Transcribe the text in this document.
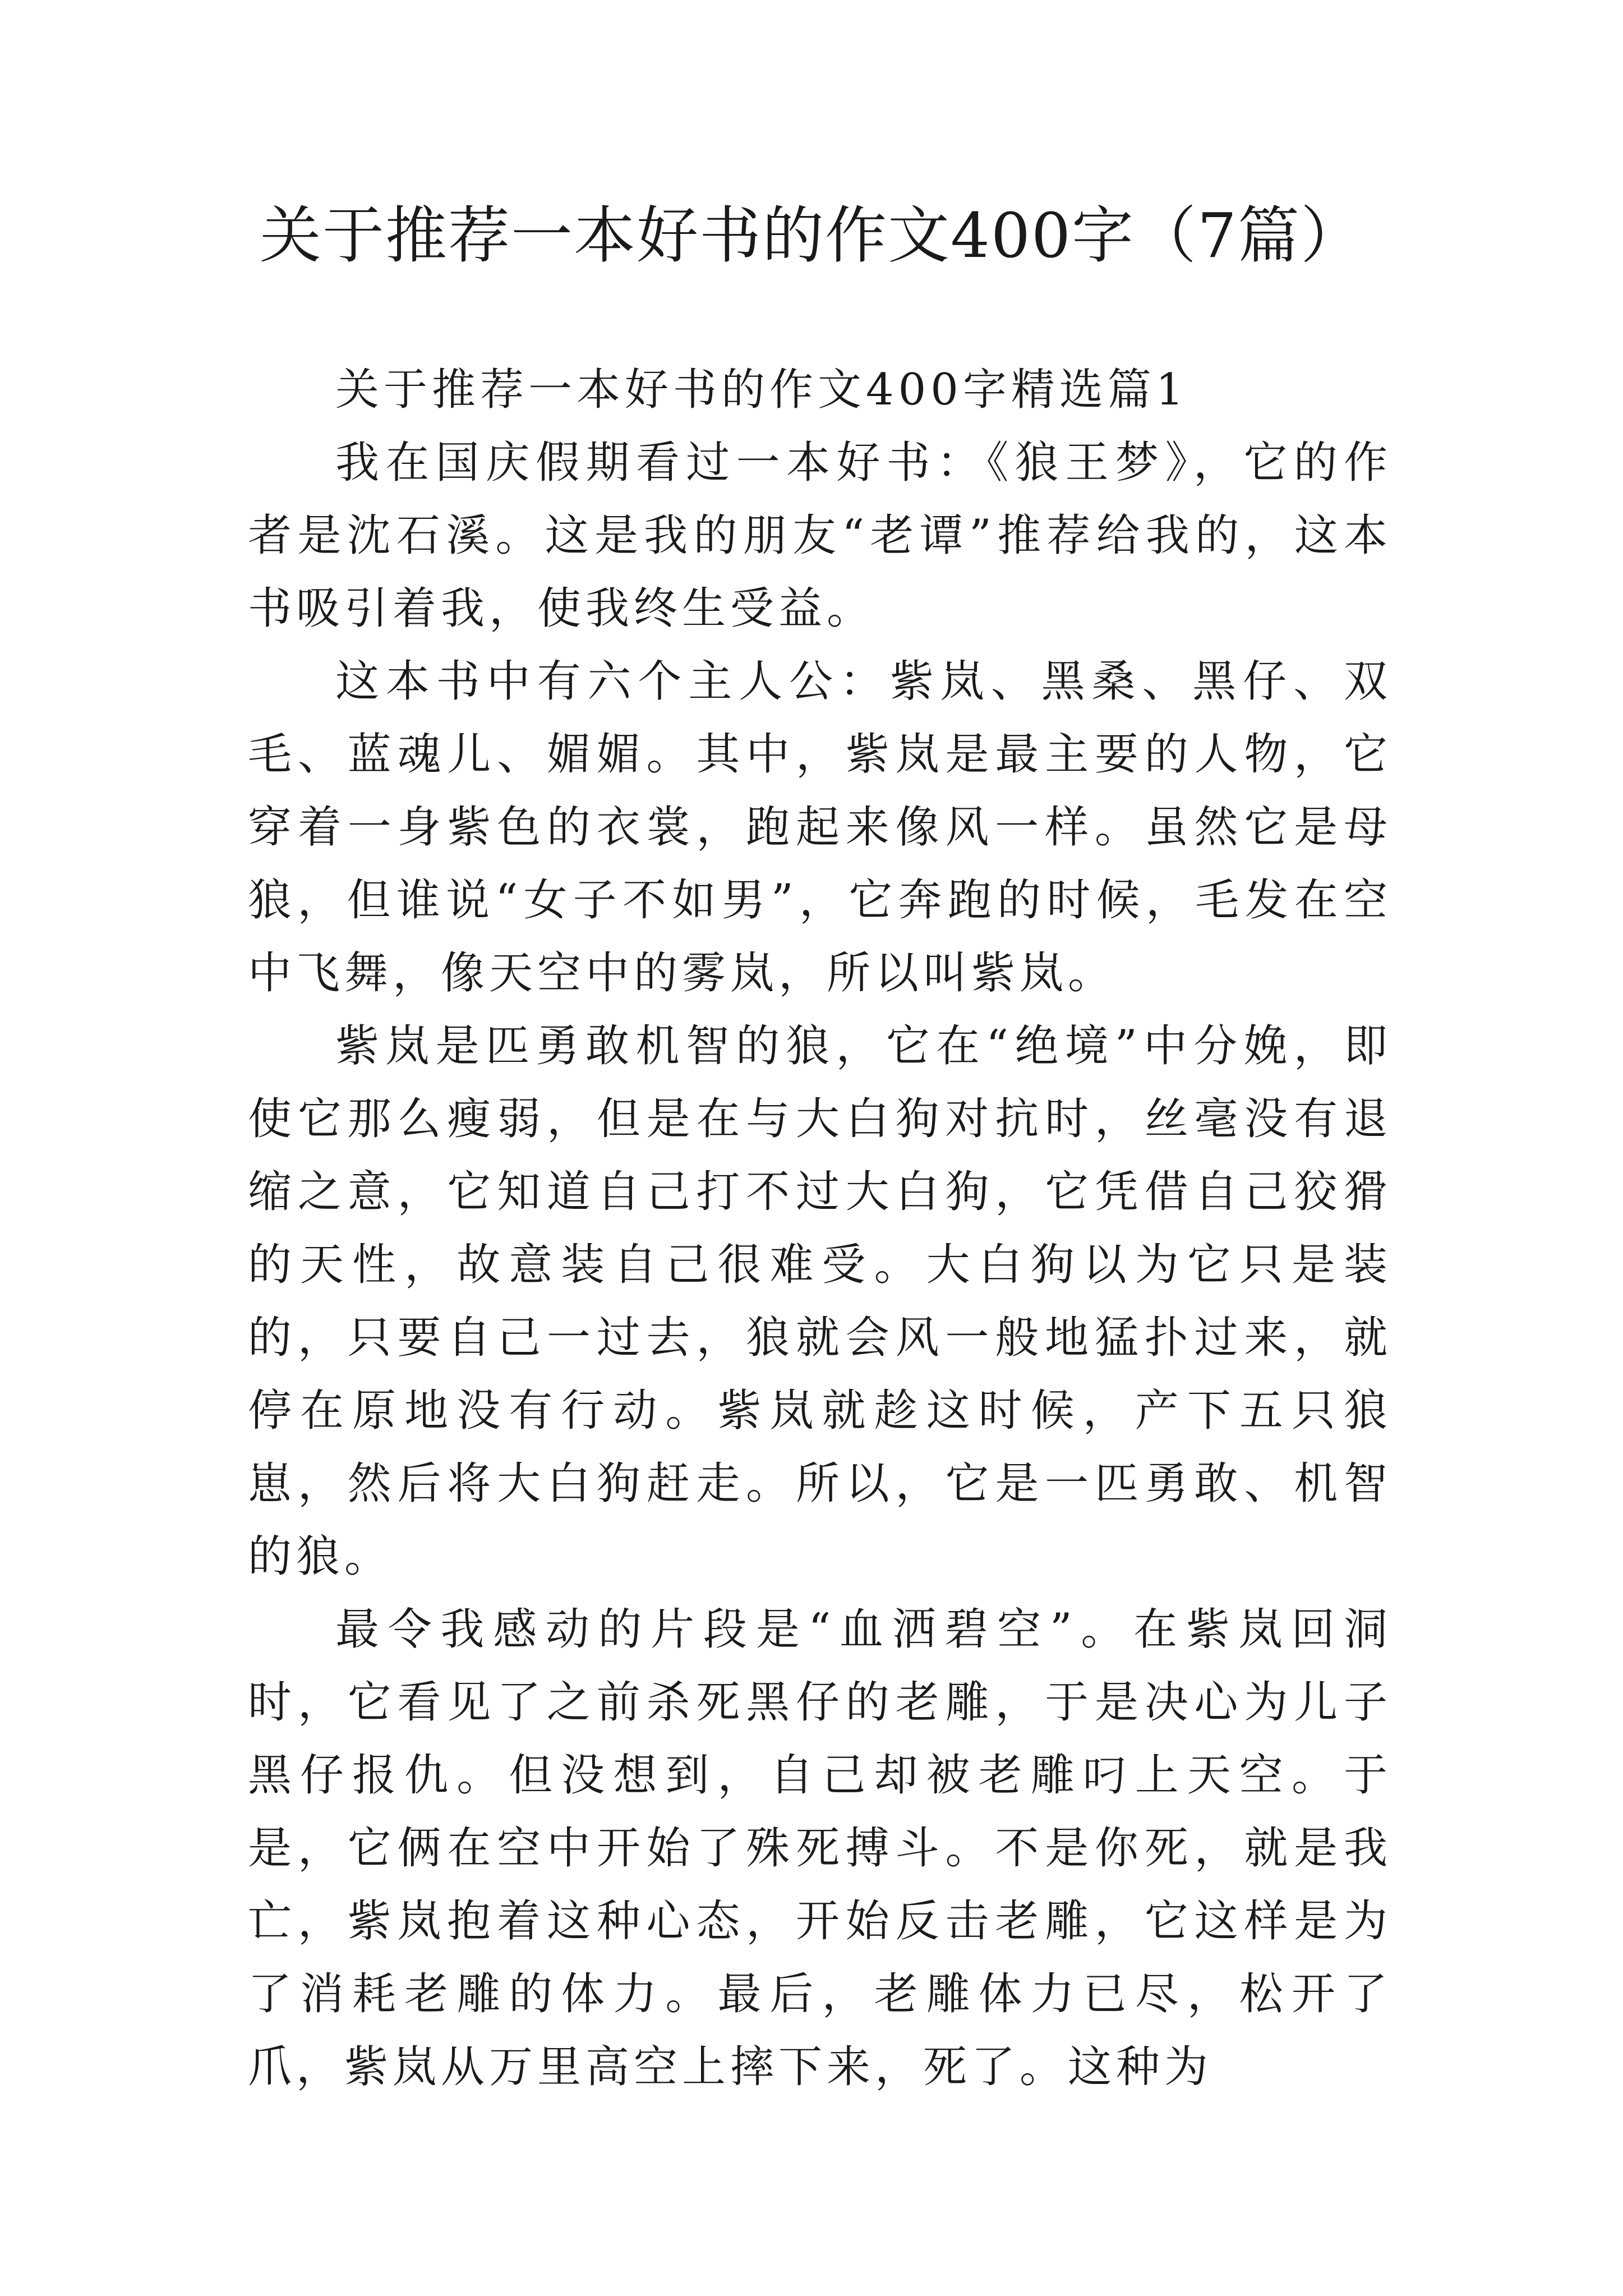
关于推荐一本好书的作文400字（7篇）

关于推荐一本好书的作文400字精选篇1

我在国庆假期看过一本好书：《狼王梦》，它的作者是沈石溪。这是我的朋友“老谭”推荐给我的，这本书吸引着我，使我终生受益。

这本书中有六个主人公：紫岚、黑桑、黑仔、双毛、蓝魂儿、媚媚。其中，紫岚是最主要的人物，它穿着一身紫色的衣裳，跑起来像风一样。虽然它是母狼，但谁说“女子不如男”，它奔跑的时候，毛发在空中飞舞，像天空中的雾岚，所以叫紫岚。

紫岚是匹勇敢机智的狼，它在“绝境”中分娩，即使它那么瘦弱，但是在与大白狗对抗时，丝毫没有退缩之意，它知道自己打不过大白狗，它凭借自己狡猾的天性，故意装自己很难受。大白狗以为它只是装的，只要自己一过去，狼就会风一般地猛扑过来，就停在原地没有行动。紫岚就趁这时候，产下五只狼崽，然后将大白狗赶走。所以，它是一匹勇敢、机智的狼。

最令我感动的片段是“血洒碧空”。在紫岚回洞时，它看见了之前杀死黑仔的老雕，于是决心为儿子黑仔报仇。但没想到，自己却被老雕叼上天空。于是，它俩在空中开始了殊死搏斗。不是你死，就是我亡，紫岚抱着这种心态，开始反击老雕，它这样是为了消耗老雕的体力。最后，老雕体力已尽，松开了爪，紫岚从万里高空上摔下来，死了。这种为
